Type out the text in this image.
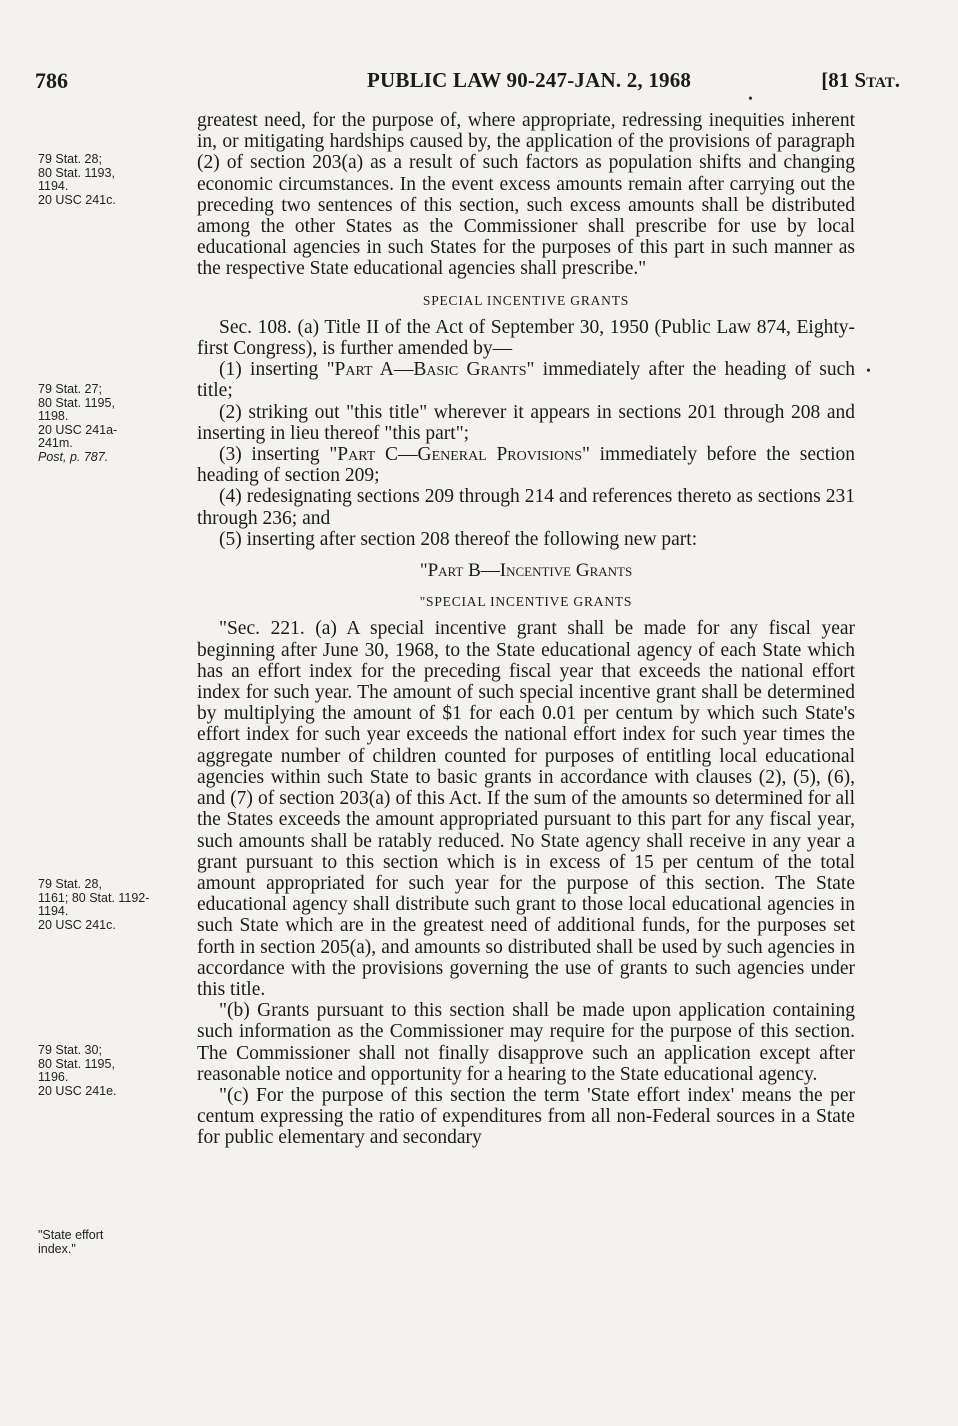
786	PUBLIC LAW 90-247-JAN. 2, 1968	[81 Stat.
79 Stat. 28;
80 Stat. 1193,
1194.
20 USC 241c.
79 Stat. 27;
80 Stat. 1195,
1198.
20 USC 241a-
241m.
Post, p. 787.
79 Stat. 28,
1161; 80 Stat. 1192-
1194.
20 USC 241c.
79 Stat. 30;
80 Stat. 1195,
1196.
20 USC 241e.
"State effort
index."
•
•

greatest need, for the purpose of, where appropriate, redressing inequities inherent in, or mitigating hardships caused by, the application of the provisions of paragraph (2) of section 203(a) as a result of such factors as population shifts and changing economic circumstances. In the event excess amounts remain after carrying out the preceding two sentences of this section, such excess amounts shall be distributed among the other States as the Commissioner shall prescribe for use by local educational agencies in such States for the purposes of this part in such manner as the respective State educational agencies shall prescribe."

SPECIAL INCENTIVE GRANTS

Sec. 108. (a) Title II of the Act of September 30, 1950 (Public Law 874, Eighty-first Congress), is further amended by—

(1) inserting "Part A—Basic Grants" immediately after the heading of such title;

(2) striking out "this title" wherever it appears in sections 201 through 208 and inserting in lieu thereof "this part";

(3) inserting "Part C—General Provisions" immediately before the section heading of section 209;

(4) redesignating sections 209 through 214 and references thereto as sections 231 through 236; and

(5) inserting after section 208 thereof the following new part:

"Part B—Incentive Grants

"SPECIAL INCENTIVE GRANTS

"Sec. 221. (a) A special incentive grant shall be made for any fiscal year beginning after June 30, 1968, to the State educational agency of each State which has an effort index for the preceding fiscal year that exceeds the national effort index for such year. The amount of such special incentive grant shall be determined by multiplying the amount of $1 for each 0.01 per centum by which such State's effort index for such year exceeds the national effort index for such year times the aggregate number of children counted for purposes of entitling local educational agencies within such State to basic grants in accordance with clauses (2), (5), (6), and (7) of section 203(a) of this Act. If the sum of the amounts so determined for all the States exceeds the amount appropriated pursuant to this part for any fiscal year, such amounts shall be ratably reduced. No State agency shall receive in any year a grant pursuant to this section which is in excess of 15 per centum of the total amount appropriated for such year for the purpose of this section. The State educational agency shall distribute such grant to those local educational agencies in such State which are in the greatest need of additional funds, for the purposes set forth in section 205(a), and amounts so distributed shall be used by such agencies in accordance with the provisions governing the use of grants to such agencies under this title.

"(b) Grants pursuant to this section shall be made upon application containing such information as the Commissioner may require for the purpose of this section. The Commissioner shall not finally disapprove such an application except after reasonable notice and opportunity for a hearing to the State educational agency.

"(c) For the purpose of this section the term 'State effort index' means the per centum expressing the ratio of expenditures from all non-Federal sources in a State for public elementary and secondary
